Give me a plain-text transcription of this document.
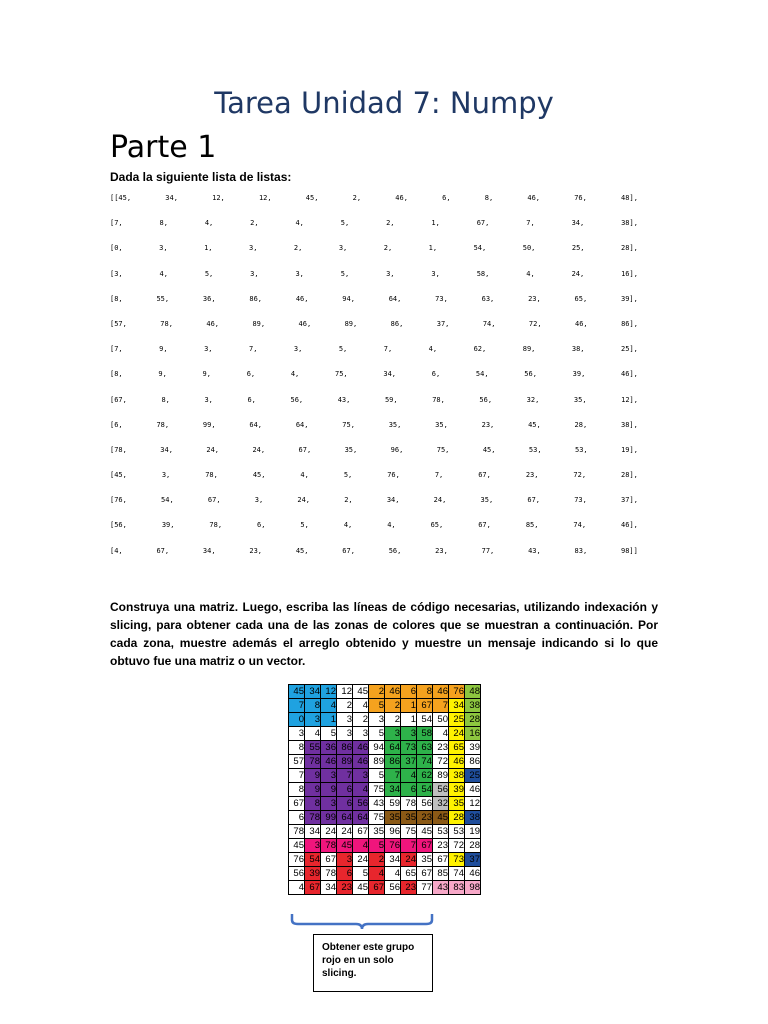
Tarea Unidad 7: Numpy
Parte 1

Dada la siguiente lista de listas:

[[45,	34,	12,	12,	45,	2,	46,	6,	8,	46,	76,	48],
[7,	8,	4,	2,	4,	5,	2,	1,	67,	7,	34,	38],
[0,	3,	1,	3,	2,	3,	2,	1,	54,	50,	25,	28],
[3,	4,	5,	3,	3,	5,	3,	3,	58,	4,	24,	16],
[8,	55,	36,	86,	46,	94,	64,	73,	63,	23,	65,	39],
[57,	78,	46,	89,	46,	89,	86,	37,	74,	72,	46,	86],
[7,	9,	3,	7,	3,	5,	7,	4,	62,	89,	38,	25],
[8,	9,	9,	6,	4,	75,	34,	6,	54,	56,	39,	46],
[67,	8,	3,	6,	56,	43,	59,	78,	56,	32,	35,	12],
[6,	78,	99,	64,	64,	75,	35,	35,	23,	45,	28,	38],
[78,	34,	24,	24,	67,	35,	96,	75,	45,	53,	53,	19],
[45,	3,	78,	45,	4,	5,	76,	7,	67,	23,	72,	28],
[76,	54,	67,	3,	24,	2,	34,	24,	35,	67,	73,	37],
[56,	39,	78,	6,	5,	4,	4,	65,	67,	85,	74,	46],
[4,	67,	34,	23,	45,	67,	56,	23,	77,	43,	83,	98]]

Construya una matriz. Luego, escriba las líneas de código necesarias, utilizando indexación y slicing, para obtener cada una de las zonas de colores que se muestran a continuación. Por cada zona, muestre además el arreglo obtenido y muestre un mensaje indicando si lo que obtuvo fue una matriz o un vector.

45	34	12	12	45	2	46	6	8	46	76	48
7	8	4	2	4	5	2	1	67	7	34	38
0	3	1	3	2	3	2	1	54	50	25	28
3	4	5	3	3	5	3	3	58	4	24	16
8	55	36	86	46	94	64	73	63	23	65	39
57	78	46	89	46	89	86	37	74	72	46	86
7	9	3	7	3	5	7	4	62	89	38	25
8	9	9	6	4	75	34	6	54	56	39	46
67	8	3	6	56	43	59	78	56	32	35	12
6	78	99	64	64	75	35	35	23	45	28	38
78	34	24	24	67	35	96	75	45	53	53	19
45	3	78	45	4	5	76	7	67	23	72	28
76	54	67	3	24	2	34	24	35	67	73	37
56	39	78	6	5	4	4	65	67	85	74	46
4	67	34	23	45	67	56	23	77	43	83	98
Obtener este grupo rojo en un solo slicing.
